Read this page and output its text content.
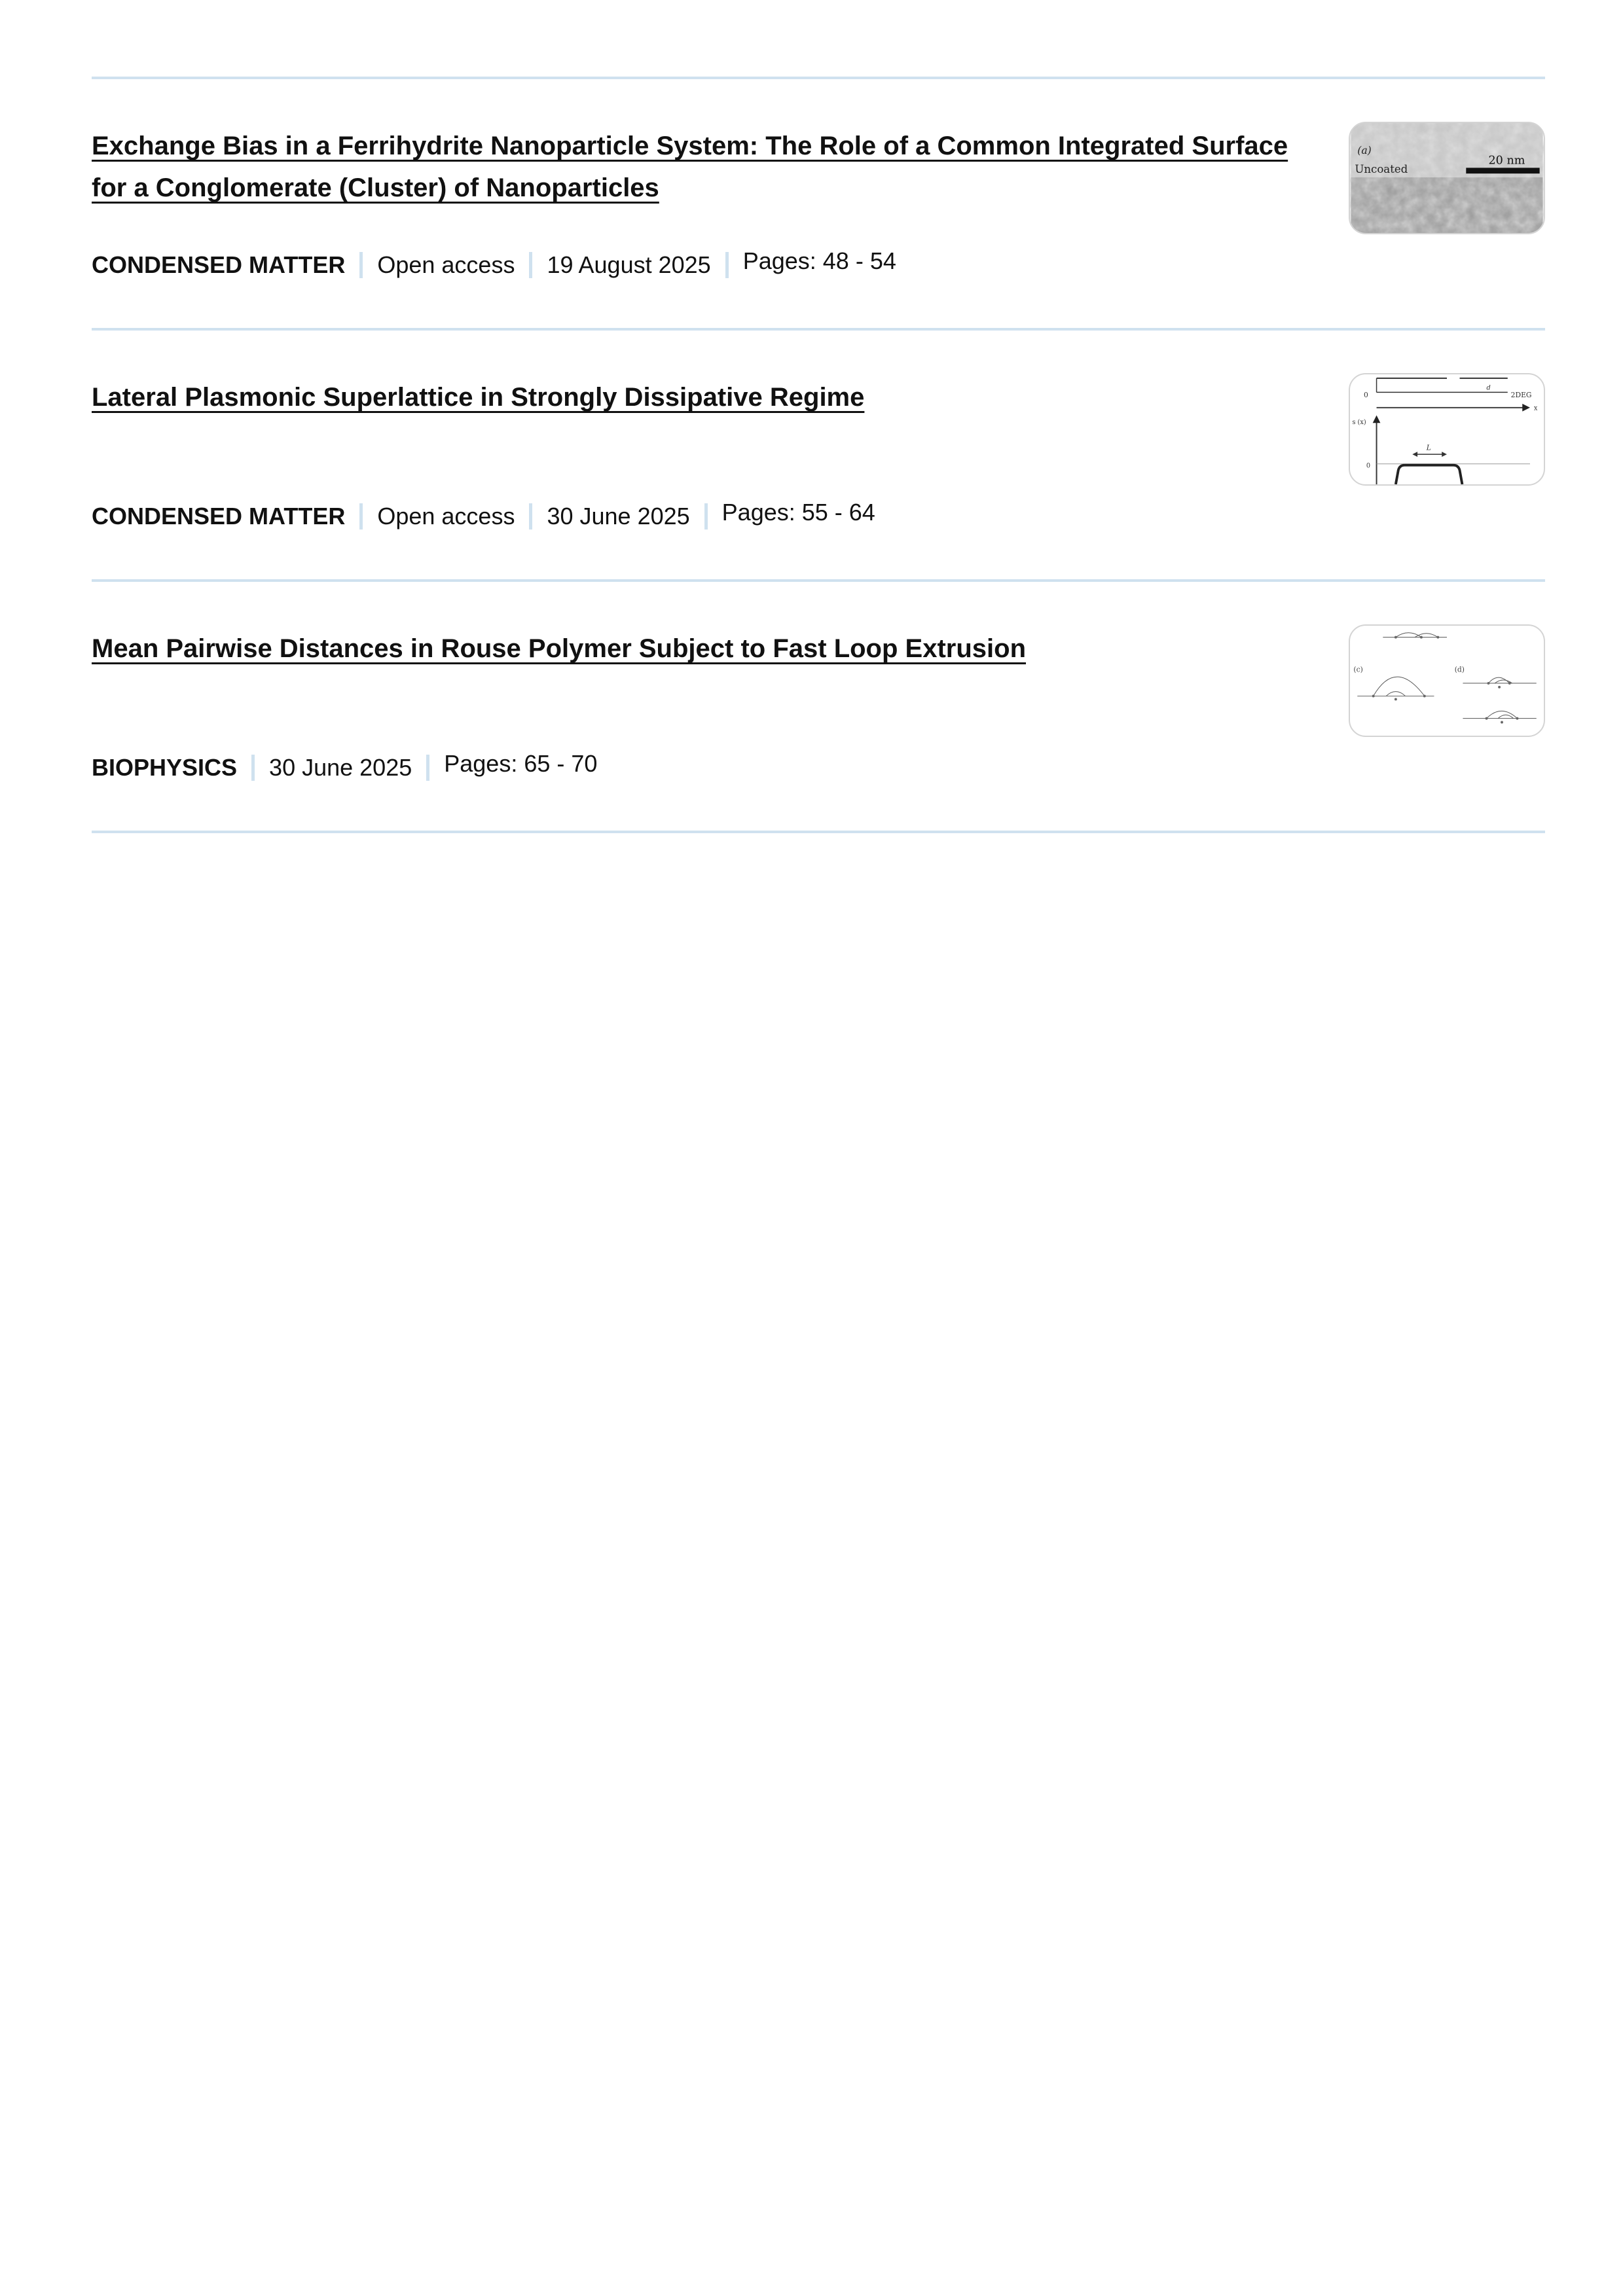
Exchange Bias in a Ferrihydrite Nanoparticle System: The Role of a Common Integrated Surface for a Conglomerate (Cluster) of Nanoparticles
CONDENSED MATTER Open access 19 August 2025 Pages: 48 - 54
(a)
Uncoated
20 nm
Lateral Plasmonic Superlattice in Strongly Dissipative Regime
CONDENSED MATTER Open access 30 June 2025 Pages: 55 - 64
0	2DEG
x
d
s (x)
L
0
Mean Pairwise Distances in Rouse Polymer Subject to Fast Loop Extrusion
BIOPHYSICS 30 June 2025 Pages: 65 - 70
(c)	(d)
